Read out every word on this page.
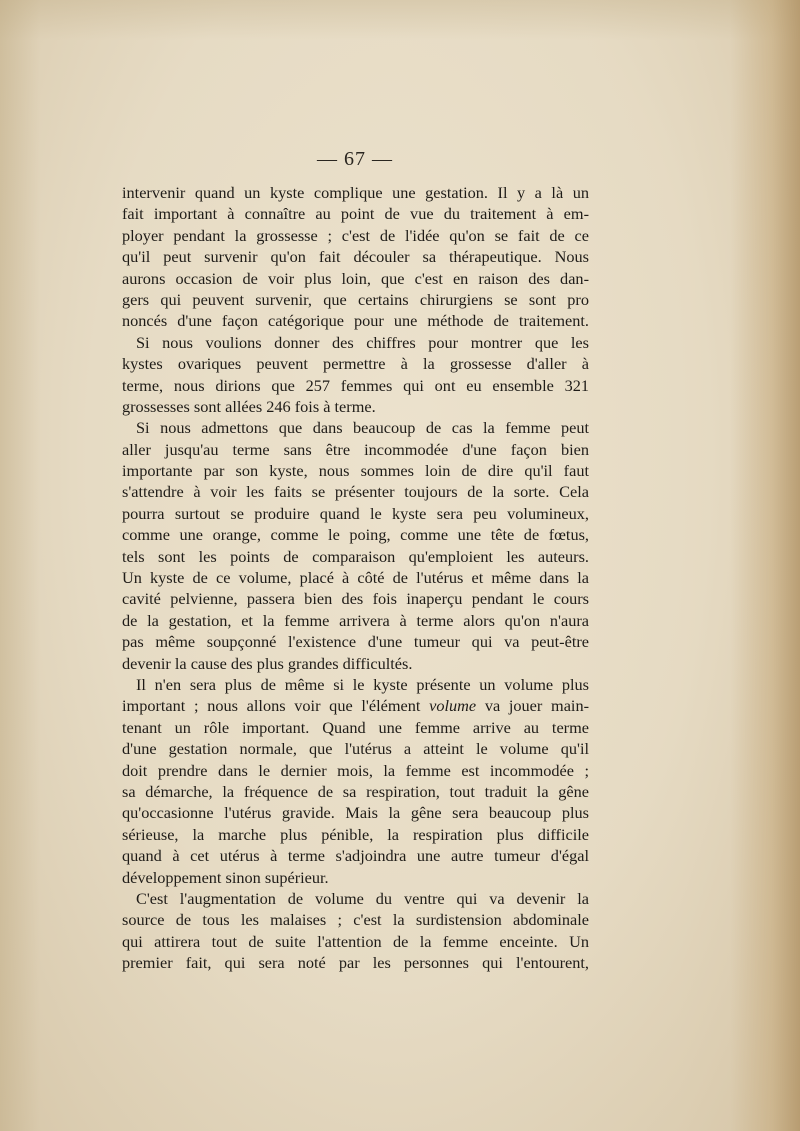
— 67 —
intervenir quand un kyste complique une gestation. Il y a là un
fait important à connaître au point de vue du traitement à em-
ployer pendant la grossesse ; c'est de l'idée qu'on se fait de ce
qu'il peut survenir qu'on fait découler sa thérapeutique. Nous
aurons occasion de voir plus loin, que c'est en raison des dan-
gers qui peuvent survenir, que certains chirurgiens se sont pro
noncés d'une façon catégorique pour une méthode de traitement.
Si nous voulions donner des chiffres pour montrer que les
kystes ovariques peuvent permettre à la grossesse d'aller à
terme, nous dirions que 257 femmes qui ont eu ensemble 321
grossesses sont allées 246 fois à terme.
Si nous admettons que dans beaucoup de cas la femme peut
aller jusqu'au terme sans être incommodée d'une façon bien
importante par son kyste, nous sommes loin de dire qu'il faut
s'attendre à voir les faits se présenter toujours de la sorte. Cela
pourra surtout se produire quand le kyste sera peu volumineux,
comme une orange, comme le poing, comme une tête de fœtus,
tels sont les points de comparaison qu'emploient les auteurs.
Un kyste de ce volume, placé à côté de l'utérus et même dans la
cavité pelvienne, passera bien des fois inaperçu pendant le cours
de la gestation, et la femme arrivera à terme alors qu'on n'aura
pas même soupçonné l'existence d'une tumeur qui va peut-être
devenir la cause des plus grandes difficultés.
Il n'en sera plus de même si le kyste présente un volume plus
important ; nous allons voir que l'élément volume va jouer main-
tenant un rôle important. Quand une femme arrive au terme
d'une gestation normale, que l'utérus a atteint le volume qu'il
doit prendre dans le dernier mois, la femme est incommodée ;
sa démarche, la fréquence de sa respiration, tout traduit la gêne
qu'occasionne l'utérus gravide. Mais la gêne sera beaucoup plus
sérieuse, la marche plus pénible, la respiration plus difficile
quand à cet utérus à terme s'adjoindra une autre tumeur d'égal
développement sinon supérieur.
C'est l'augmentation de volume du ventre qui va devenir la
source de tous les malaises ; c'est la surdistension abdominale
qui attirera tout de suite l'attention de la femme enceinte. Un
premier fait, qui sera noté par les personnes qui l'entourent,
